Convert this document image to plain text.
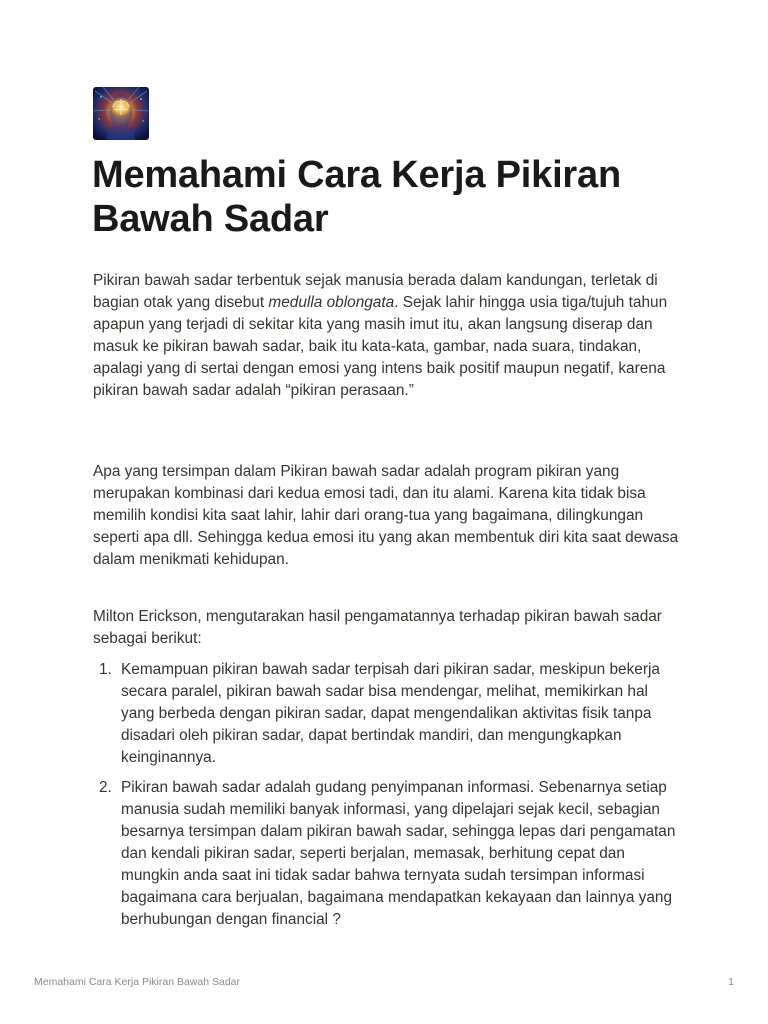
Memahami Cara Kerja Pikiran
Bawah Sadar

Pikiran bawah sadar terbentuk sejak manusia berada dalam kandungan, terletak di bagian otak yang disebut medulla oblongata. Sejak lahir hingga usia tiga/tujuh tahun apapun yang terjadi di sekitar kita yang masih imut itu, akan langsung diserap dan masuk ke pikiran bawah sadar, baik itu kata-kata, gambar, nada suara, tindakan, apalagi yang di sertai dengan emosi yang intens baik positif maupun negatif, karena pikiran bawah sadar adalah “pikiran perasaan.”

Apa yang tersimpan dalam Pikiran bawah sadar adalah program pikiran yang merupakan kombinasi dari kedua emosi tadi, dan itu alami. Karena kita tidak bisa memilih kondisi kita saat lahir, lahir dari orang-tua yang bagaimana, dilingkungan seperti apa dll. Sehingga kedua emosi itu yang akan membentuk diri kita saat dewasa dalam menikmati kehidupan.

Milton Erickson, mengutarakan hasil pengamatannya terhadap pikiran bawah sadar sebagai berikut:

1. Kemampuan pikiran bawah sadar terpisah dari pikiran sadar, meskipun bekerja secara paralel, pikiran bawah sadar bisa mendengar, melihat, memikirkan hal yang berbeda dengan pikiran sadar, dapat mengendalikan aktivitas fisik tanpa disadari oleh pikiran sadar, dapat bertindak mandiri, dan mengungkapkan keinginannya.
2. Pikiran bawah sadar adalah gudang penyimpanan informasi. Sebenarnya setiap manusia sudah memiliki banyak informasi, yang dipelajari sejak kecil, sebagian besarnya tersimpan dalam pikiran bawah sadar, sehingga lepas dari pengamatan dan kendali pikiran sadar, seperti berjalan, memasak, berhitung cepat dan mungkin anda saat ini tidak sadar bahwa ternyata sudah tersimpan informasi bagaimana cara berjualan, bagaimana mendapatkan kekayaan dan lainnya yang berhubungan dengan financial ?
Memahami Cara Kerja Pikiran Bawah Sadar	1
